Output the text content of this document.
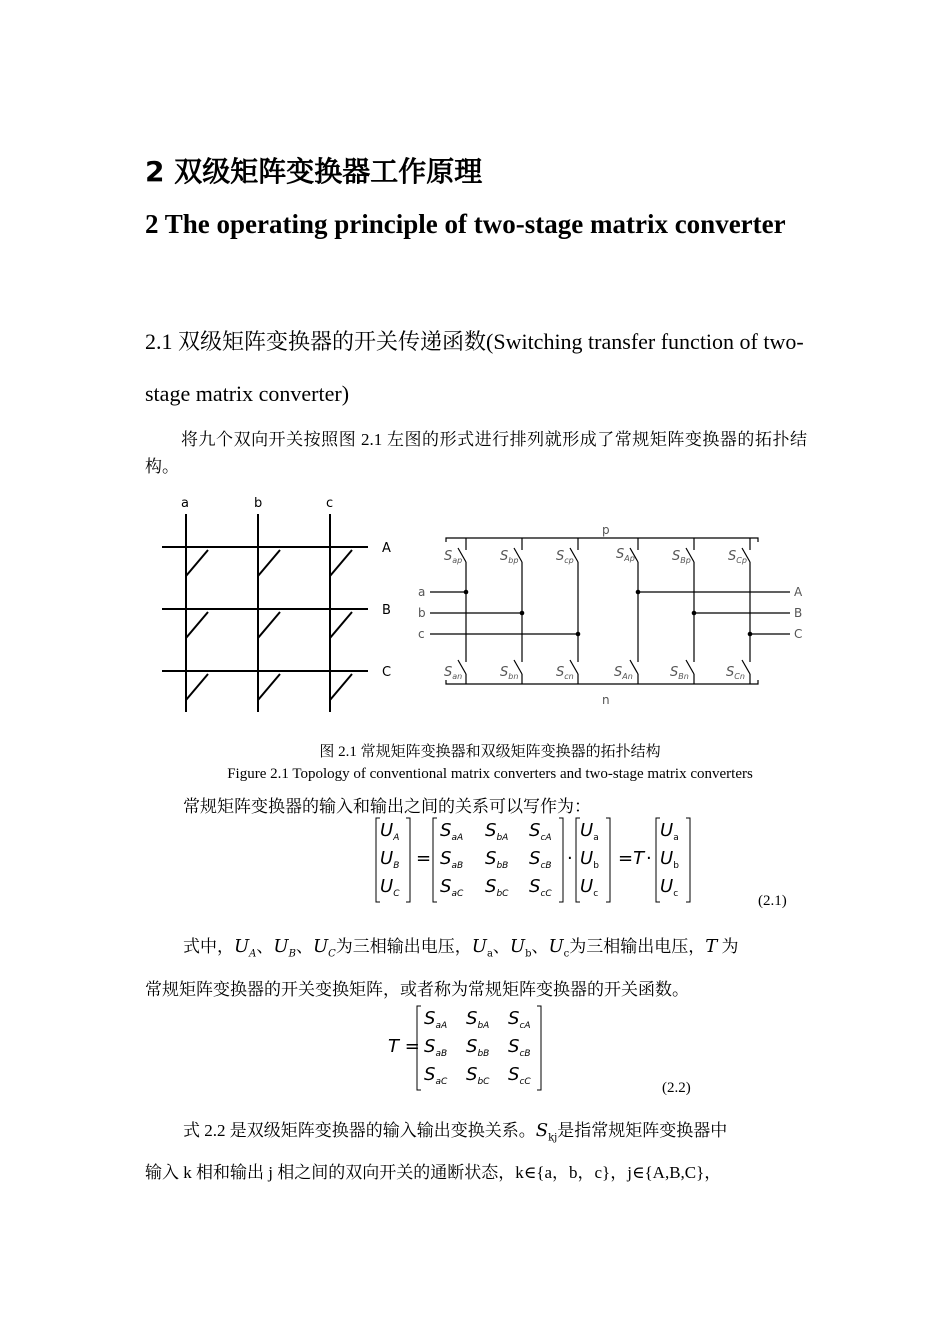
2 双级矩阵变换器工作原理
2 The operating principle of two-stage matrix converter
2.1 双级矩阵变换器的开关传递函数(Switching transfer function of two-stage matrix converter)
将九个双向开关按照图 2.1 左图的形式进行排列就形成了常规矩阵变换器的拓扑结构。
a	b	c
A
B
C
p
n
a
b
c
A
B
C
$S_{ap}$	$S_{bp}$	$S_{cp}$	$S_{Ap}$	$S_{Bp}$	$S_{Cp}$
$S_{an}$	$S_{bn}$	$S_{cn}$	$S_{An}$	$S_{Bn}$	$S_{Cn}$
图 2.1 常规矩阵变换器和双级矩阵变换器的拓扑结构
Figure 2.1 Topology of conventional matrix converters and two-stage matrix converters
常规矩阵变换器的输入和输出之间的关系可以写作为：
$U_A$
$U_B$
$U_C$
=
$S_{aA}$ $S_{bA}$ $S_{cA}$
$S_{aB}$ $S_{bB}$ $S_{cB}$
$S_{aC}$ $S_{bC}$ $S_{cC}$
·
$U_a$
$U_b$
$U_c$
=T ·
$U_a$
$U_b$
$U_c$	(2.1)
式中，$U_A$、$U_B$、$U_C$为三相输出电压，$U_a$、$U_b$、$U_c$为三相输出电压，T 为
常规矩阵变换器的开关变换矩阵，或者称为常规矩阵变换器的开关函数。
T =
$S_{aA}$ $S_{bA}$ $S_{cA}$
$S_{aB}$ $S_{bB}$ $S_{cB}$
$S_{aC}$ $S_{bC}$ $S_{cC}$	(2.2)
式 2.2 是双级矩阵变换器的输入输出变换关系。$S_{kj}$是指常规矩阵变换器中
输入 k 相和输出 j 相之间的双向开关的通断状态，k∈{a，b，c}，j∈{A,B,C}，
